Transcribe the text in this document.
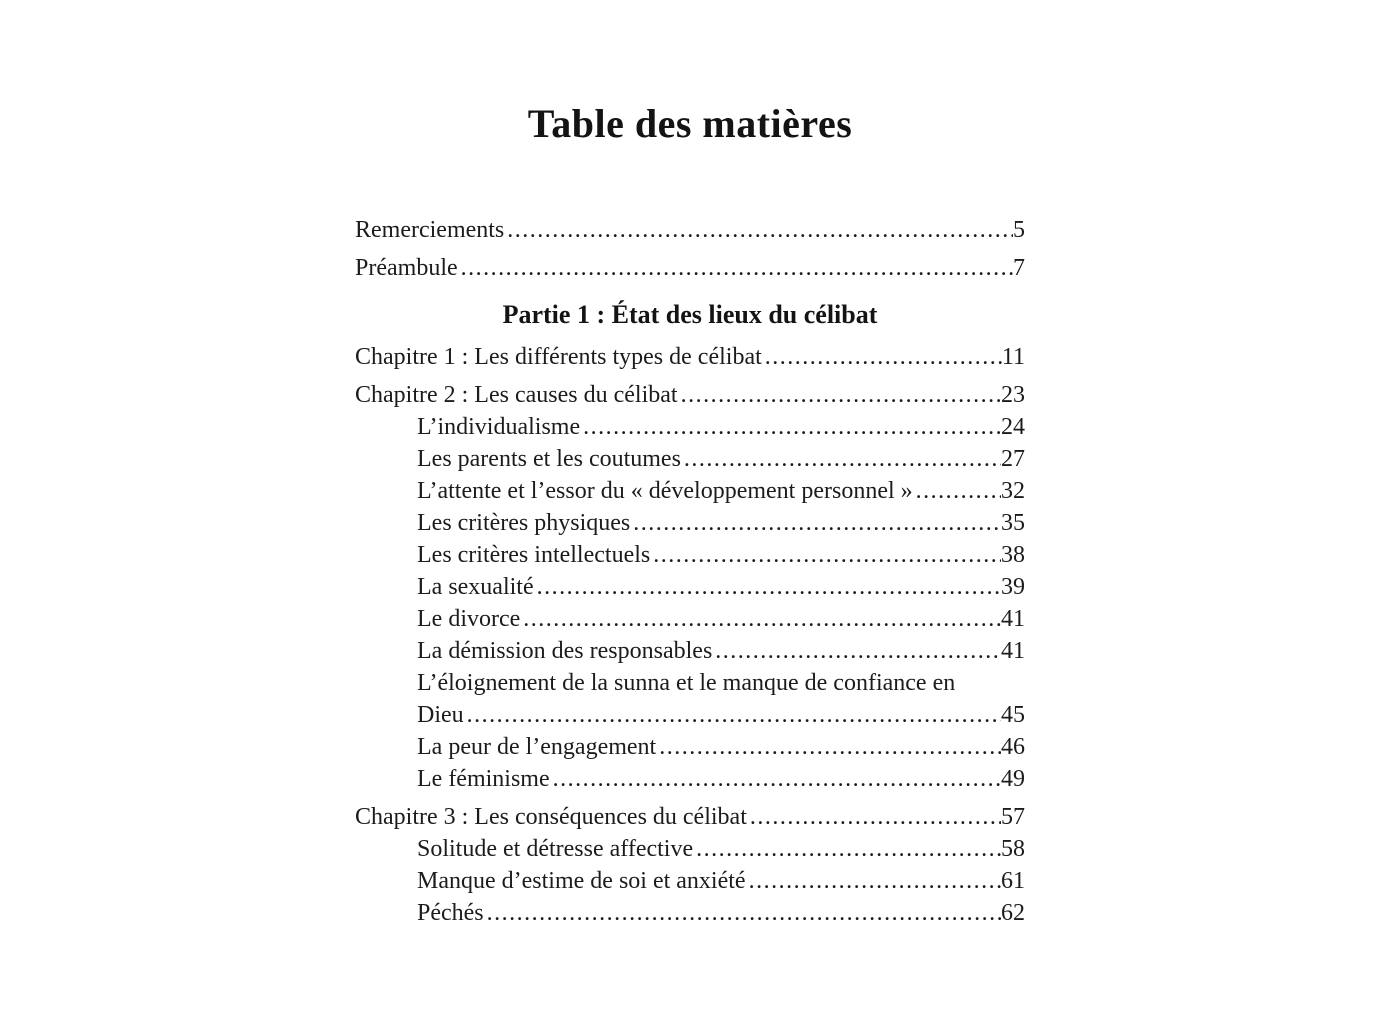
Table des matières
Remerciements .....	5
Préambule .....	7
Partie 1 : État des lieux du célibat
Chapitre 1 : Les différents types de célibat .....	11
Chapitre 2 : Les causes du célibat .....	23
L’individualisme .....	24
Les parents et les coutumes .....	27
L’attente et l’essor du « développement personnel » .....	32
Les critères physiques .....	35
Les critères intellectuels .....	38
La sexualité .....	39
Le divorce .....	41
La démission des responsables .....	41
L’éloignement de la sunna et le manque de confiance en
Dieu .....	45
La peur de l’engagement .....	46
Le féminisme .....	49
Chapitre 3 : Les conséquences du célibat .....	57
Solitude et détresse affective .....	58
Manque d’estime de soi et anxiété .....	61
Péchés .....	62
